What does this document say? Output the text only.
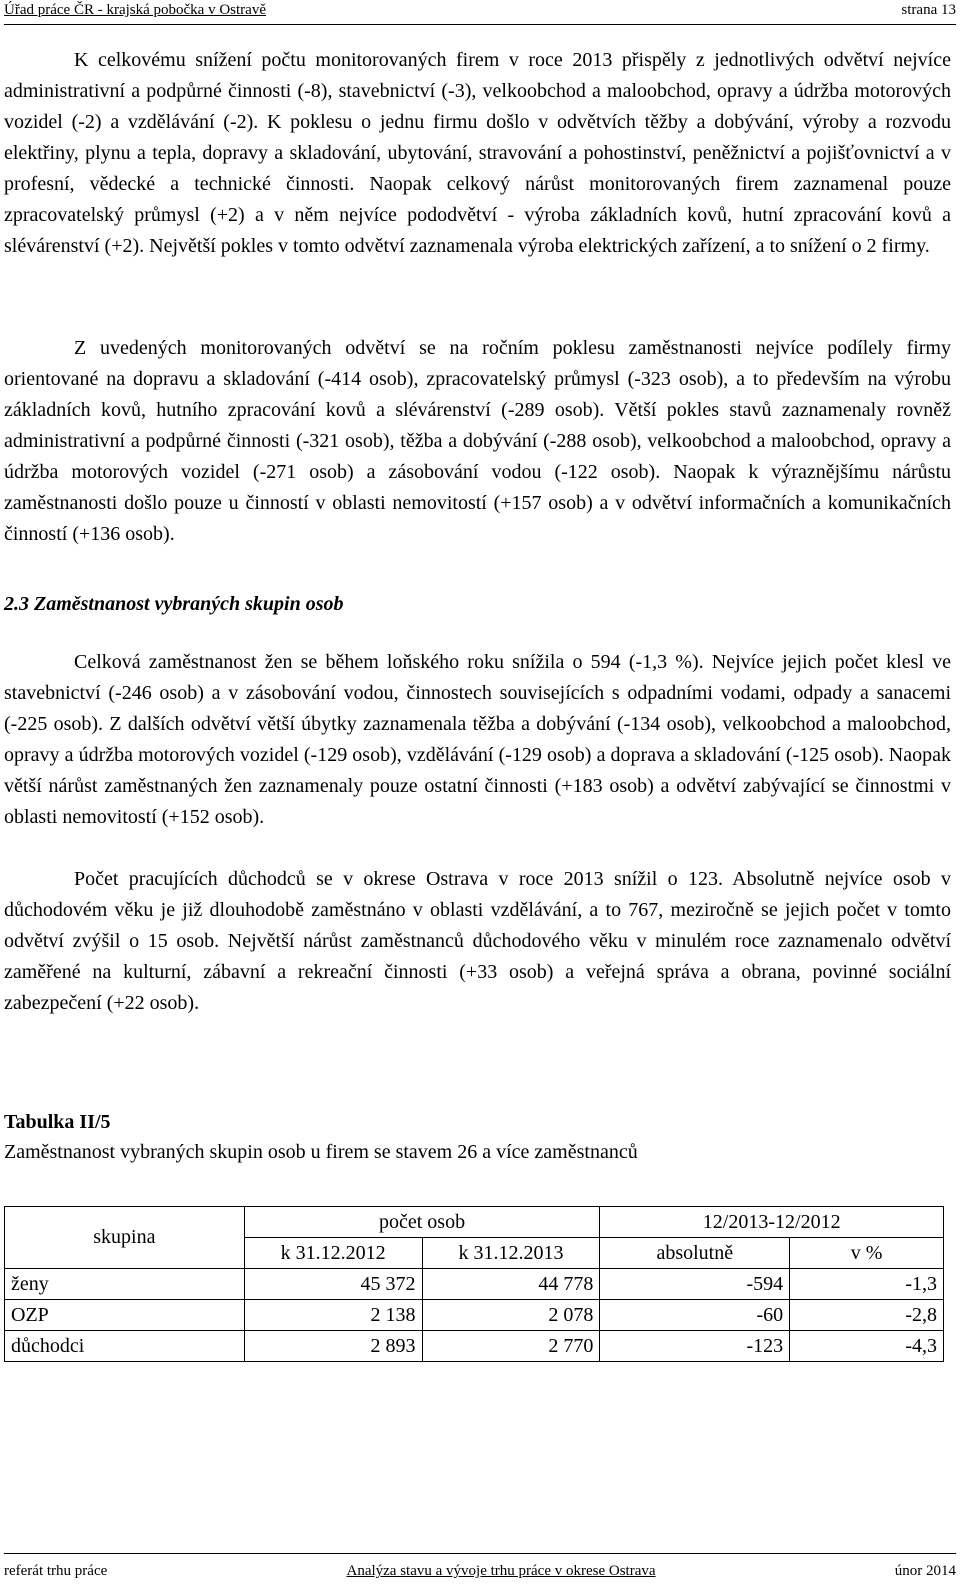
Úřad práce ČR - krajská pobočka v Ostravě	strana 13

K celkovému snížení počtu monitorovaných firem v roce 2013 přispěly z jednotlivých odvětví nejvíce administrativní a podpůrné činnosti (-8), stavebnictví (-3), velkoobchod a maloobchod, opravy a údržba motorových vozidel (-2) a vzdělávání (-2). K poklesu o jednu firmu došlo v odvětvích těžby a dobývání, výroby a rozvodu elektřiny, plynu a tepla, dopravy a skladování, ubytování, stravování a pohostinství, peněžnictví a pojišťovnictví a v profesní, vědecké a technické činnosti. Naopak celkový nárůst monitorovaných firem zaznamenal pouze zpracovatelský průmysl (+2) a v něm nejvíce pododvětví - výroba základních kovů, hutní zpracování kovů a slévárenství (+2). Největší pokles v tomto odvětví zaznamenala výroba elektrických zařízení, a to snížení o 2 firmy.

Z uvedených monitorovaných odvětví se na ročním poklesu zaměstnanosti nejvíce podílely firmy orientované na dopravu a skladování (-414 osob), zpracovatelský průmysl (-323 osob), a to především na výrobu základních kovů, hutního zpracování kovů a slévárenství (-289 osob). Větší pokles stavů zaznamenaly rovněž administrativní a podpůrné činnosti (-321 osob), těžba a dobývání (-288 osob), velkoobchod a maloobchod, opravy a údržba motorových vozidel (-271 osob) a zásobování vodou (-122 osob). Naopak k výraznějšímu nárůstu zaměstnanosti došlo pouze u činností v oblasti nemovitostí (+157 osob) a v odvětví informačních a komunikačních činností (+136 osob).

2.3 Zaměstnanost vybraných skupin osob

Celková zaměstnanost žen se během loňského roku snížila o 594 (-1,3 %). Nejvíce jejich počet klesl ve stavebnictví (-246 osob) a v zásobování vodou, činnostech souvisejících s odpadními vodami, odpady a sanacemi (-225 osob). Z dalších odvětví větší úbytky zaznamenala těžba a dobývání (-134 osob), velkoobchod a maloobchod, opravy a údržba motorových vozidel (-129 osob), vzdělávání (-129 osob) a doprava a skladování (-125 osob). Naopak větší nárůst zaměstnaných žen zaznamenaly pouze ostatní činnosti (+183 osob) a odvětví zabývající se činnostmi v oblasti nemovitostí (+152 osob).

Počet pracujících důchodců se v okrese Ostrava v roce 2013 snížil o 123. Absolutně nejvíce osob v důchodovém věku je již dlouhodobě zaměstnáno v oblasti vzdělávání, a to 767, meziročně se jejich počet v tomto odvětví zvýšil o 15 osob. Největší nárůst zaměstnanců důchodového věku v minulém roce zaznamenalo odvětví zaměřené na kulturní, zábavní a rekreační činnosti (+33 osob) a veřejná správa a obrana, povinné sociální zabezpečení (+22 osob).

Tabulka II/5
Zaměstnanost vybraných skupin osob u firem se stavem 26 a více zaměstnanců
skupina	počet osob		12/2013-12/2012	
	k 31.12.2012	k 31.12.2013	absolutně	v %
ženy	45 372	44 778	-594	-1,3
OZP	2 138	2 078	-60	-2,8
důchodci	2 893	2 770	-123	-4,3
referát trhu práce	Analýza stavu a vývoje trhu práce v okrese Ostrava	únor 2014
